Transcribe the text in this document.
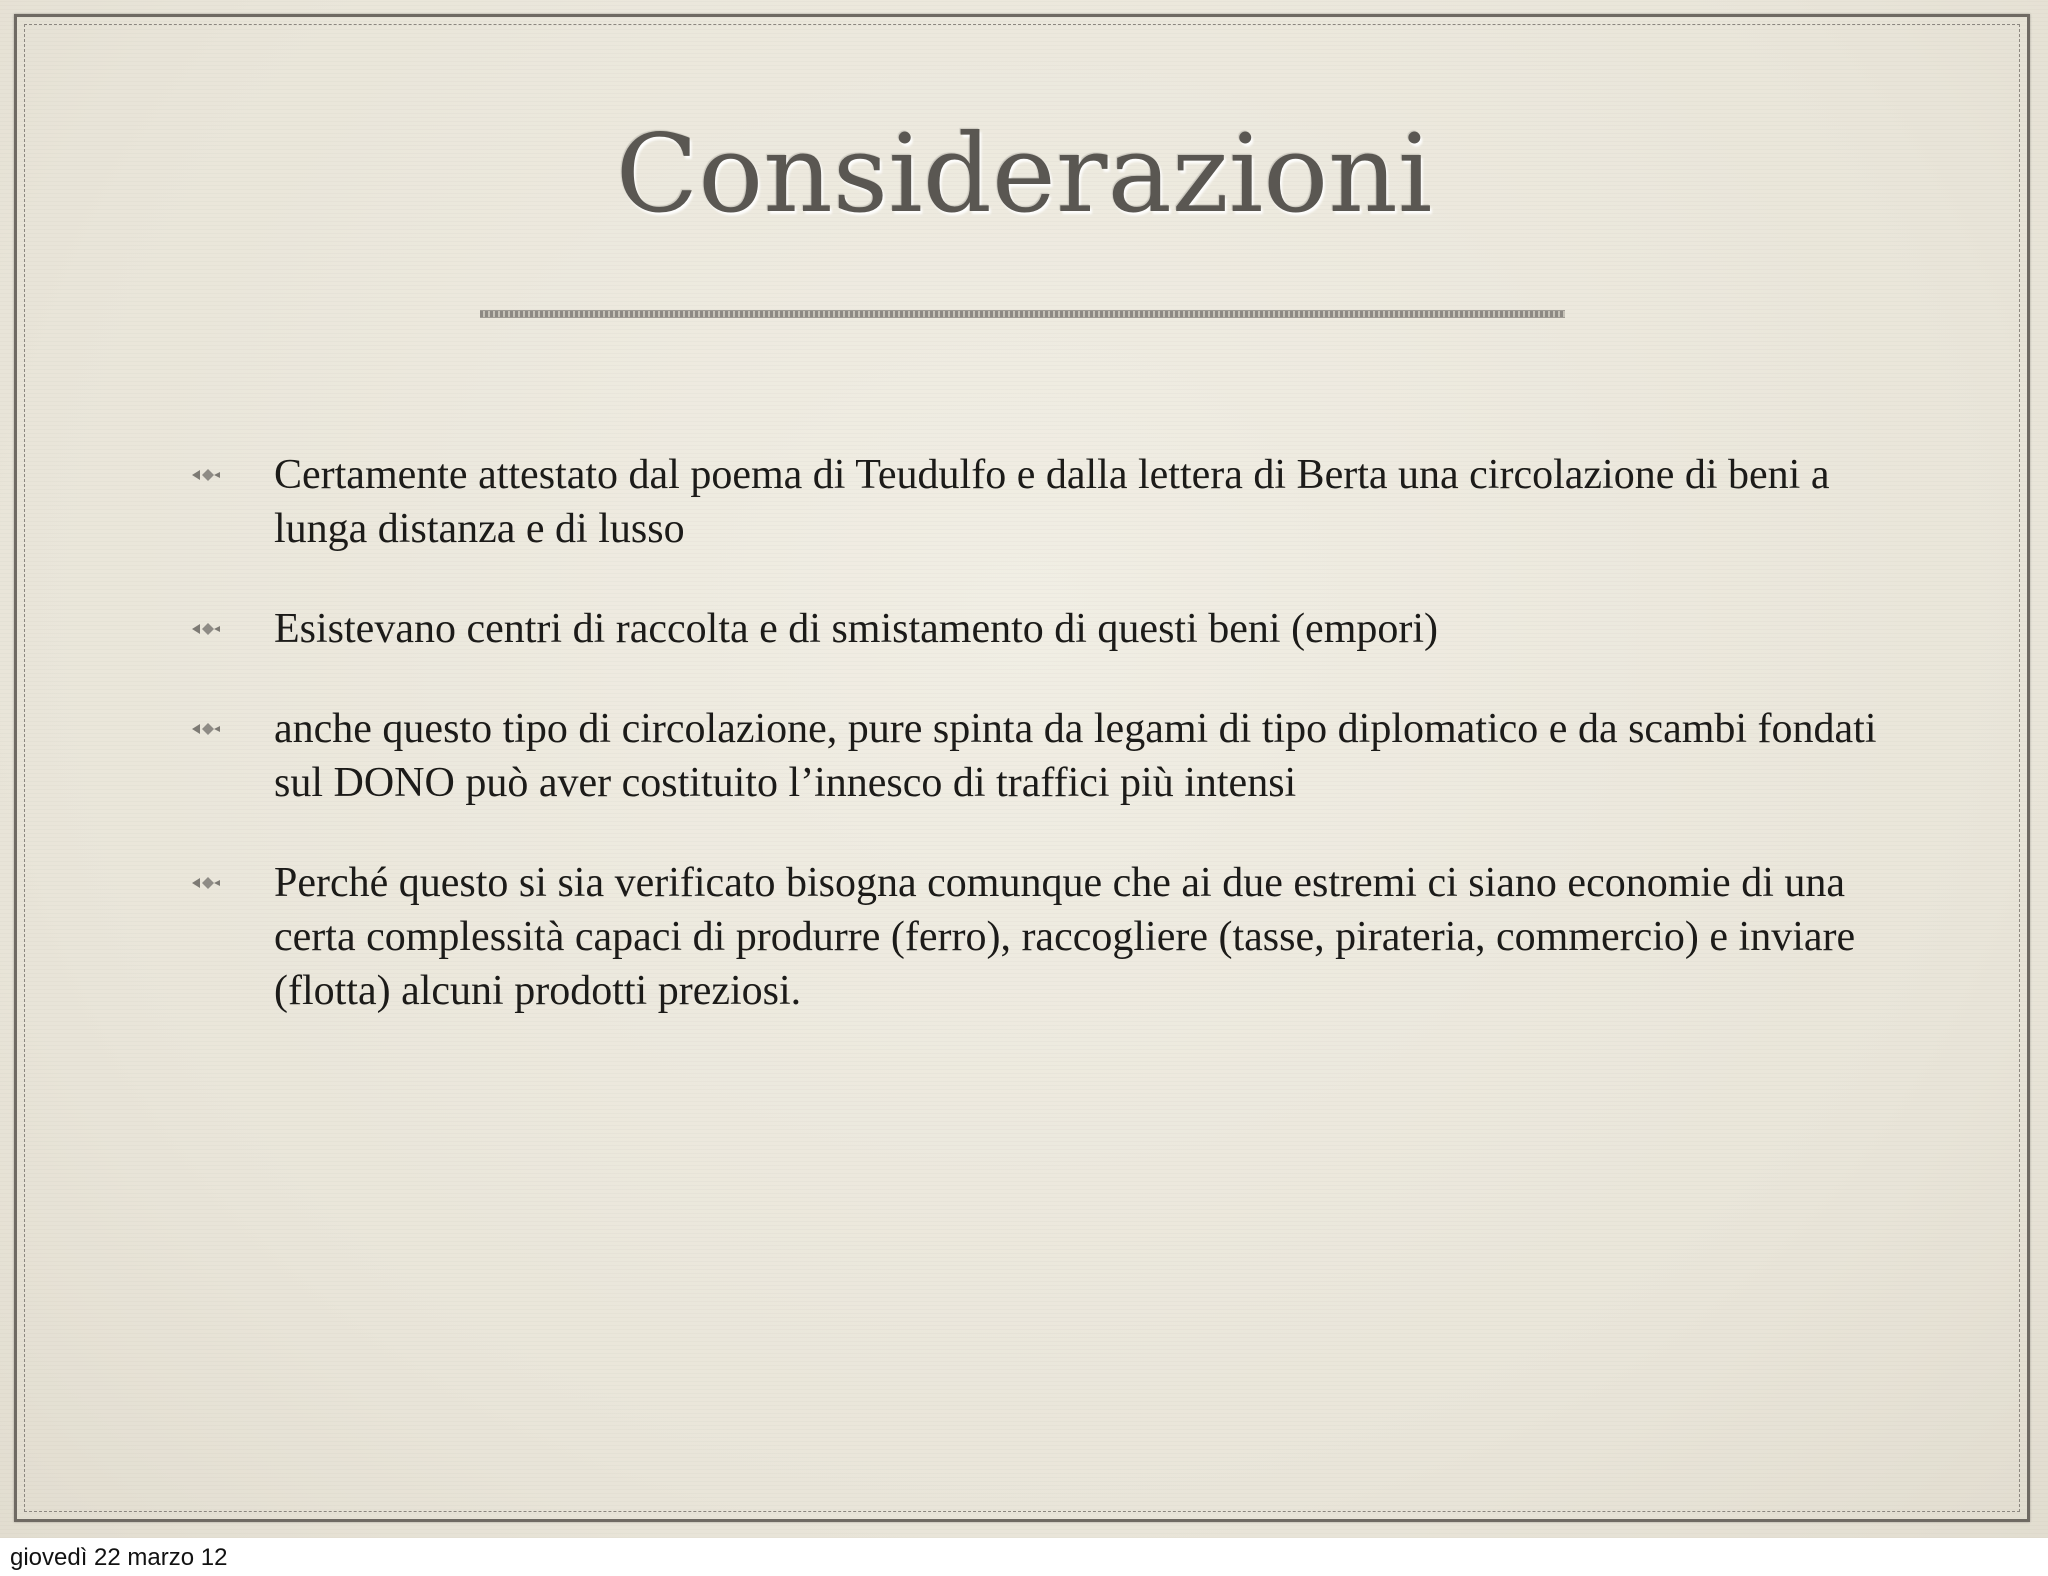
Considerazioni
Certamente attestato dal poema di Teudulfo e dalla lettera di Berta una circolazione di beni a lunga distanza e di lusso
Esistevano centri di raccolta e di smistamento di questi beni (empori)
anche questo tipo di circolazione, pure spinta da legami di tipo diplomatico e da scambi fondati sul DONO può aver costituito l’innesco di traffici più intensi
Perché questo si sia verificato bisogna comunque che ai due estremi ci siano economie di una certa complessità capaci di produrre (ferro), raccogliere (tasse, pirateria, commercio) e inviare (flotta) alcuni prodotti preziosi.
giovedì 22 marzo 12
